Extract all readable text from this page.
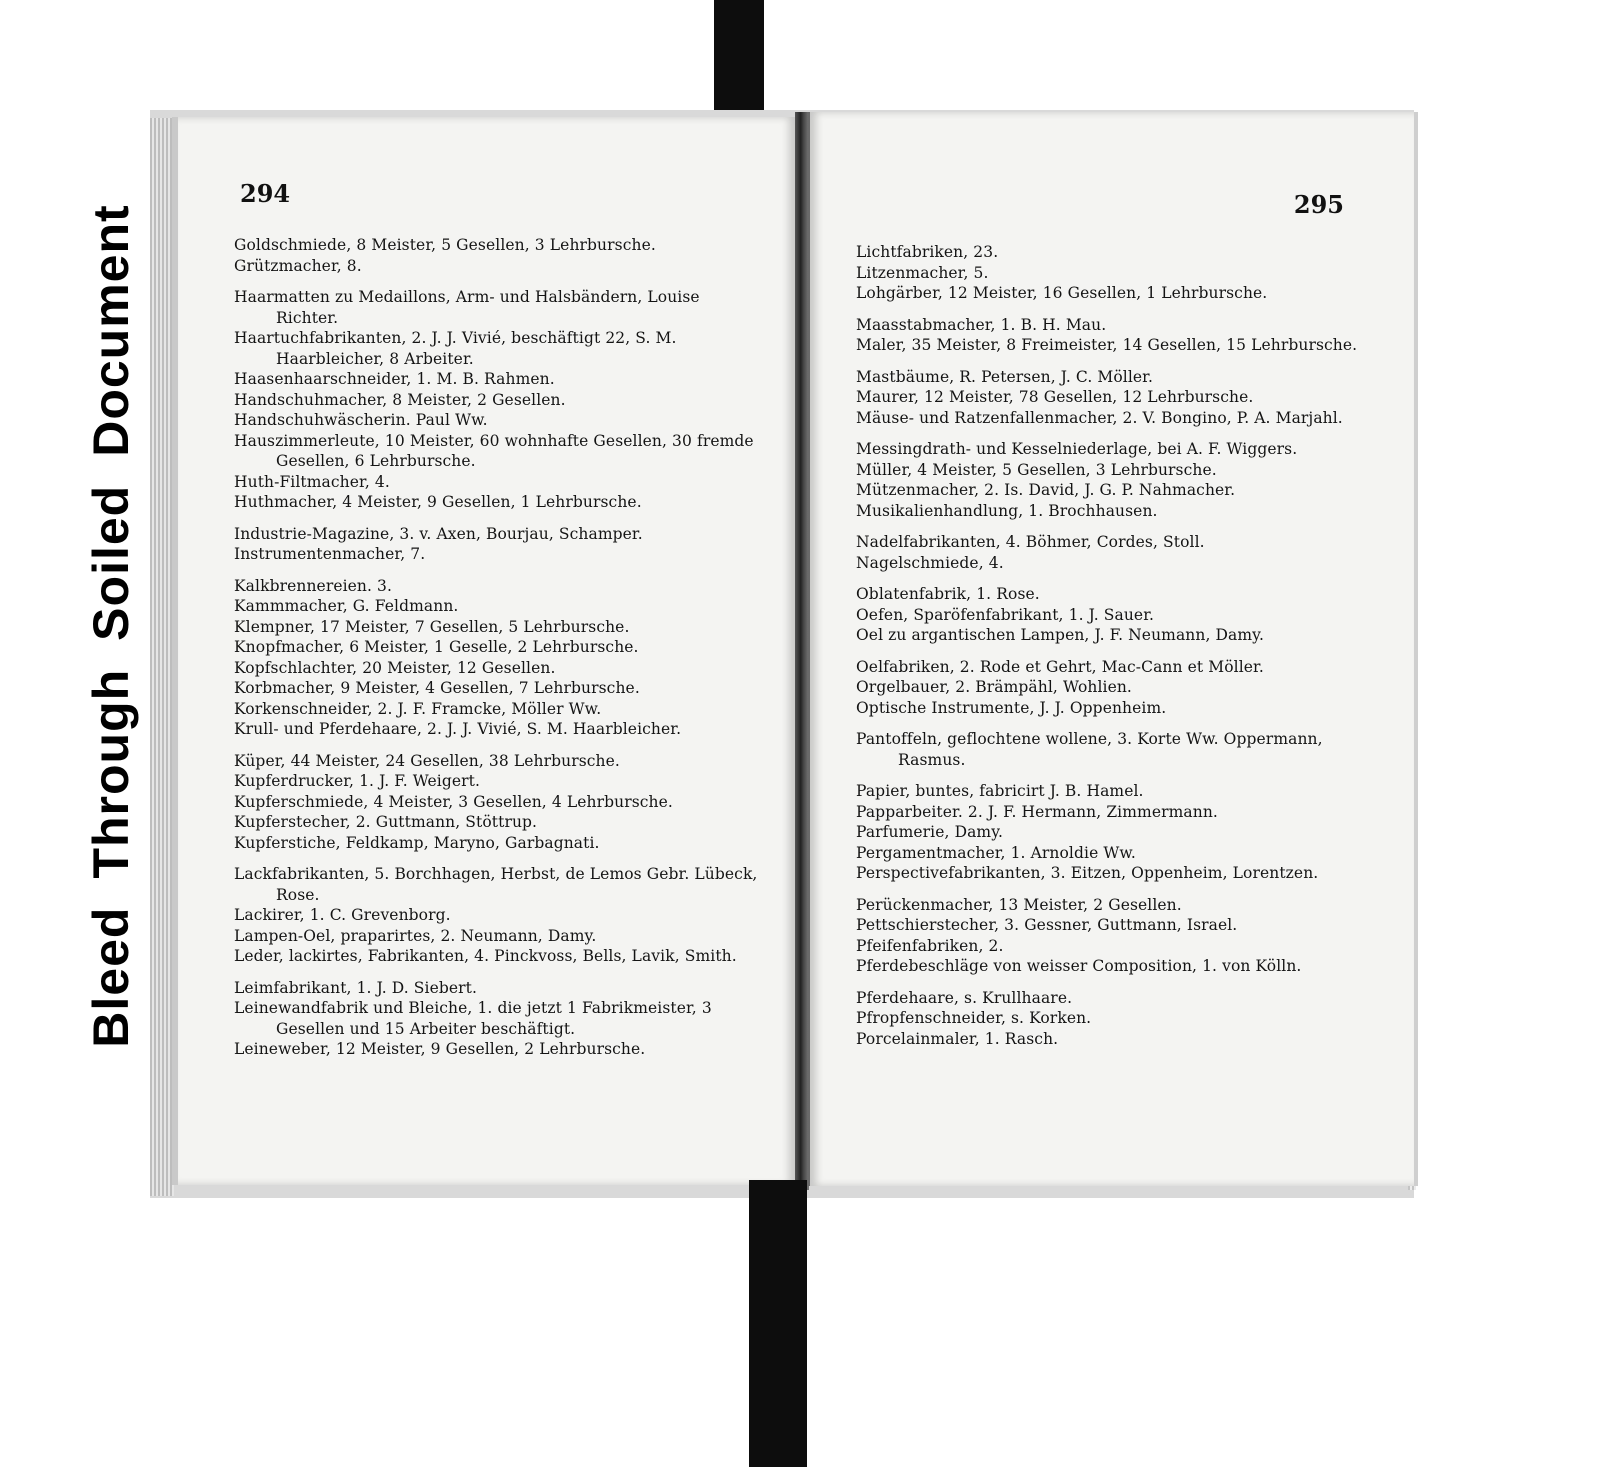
Bleed
Through
Soiled
Document
294

Goldschmiede, 8 Meister, 5 Gesellen, 3 Lehrbursche.

Grützmacher, 8.

Haarmatten zu Medaillons, Arm- und Halsbändern, Louise Richter.

Haartuchfabrikanten, 2. J. J. Vivié, beschäftigt 22, S. M. Haarbleicher, 8 Arbeiter.

Haasenhaarschneider, 1. M. B. Rahmen.

Handschuhmacher, 8 Meister, 2 Gesellen.

Handschuhwäscherin. Paul Ww.

Hauszimmerleute, 10 Meister, 60 wohnhafte Gesellen, 30 fremde Gesellen, 6 Lehrbursche.

Huth-Filtmacher, 4.

Huthmacher, 4 Meister, 9 Gesellen, 1 Lehrbursche.

Industrie-Magazine, 3. v. Axen, Bourjau, Schamper.

Instrumentenmacher, 7.

Kalkbrennereien. 3.

Kammmacher, G. Feldmann.

Klempner, 17 Meister, 7 Gesellen, 5 Lehrbursche.

Knopfmacher, 6 Meister, 1 Geselle, 2 Lehrbursche.

Kopfschlachter, 20 Meister, 12 Gesellen.

Korbmacher, 9 Meister, 4 Gesellen, 7 Lehrbursche.

Korkenschneider, 2. J. F. Framcke, Möller Ww.

Krull- und Pferdehaare, 2. J. J. Vivié, S. M. Haarbleicher.

Küper, 44 Meister, 24 Gesellen, 38 Lehrbursche.

Kupferdrucker, 1. J. F. Weigert.

Kupferschmiede, 4 Meister, 3 Gesellen, 4 Lehrbursche.

Kupferstecher, 2. Guttmann, Stöttrup.

Kupferstiche, Feldkamp, Maryno, Garbagnati.

Lackfabrikanten, 5. Borchhagen, Herbst, de Lemos Gebr. Lübeck, Rose.

Lackirer, 1. C. Grevenborg.

Lampen-Oel, praparirtes, 2. Neumann, Damy.

Leder, lackirtes, Fabrikanten, 4. Pinckvoss, Bells, Lavik, Smith.

Leimfabrikant, 1. J. D. Siebert.

Leinewandfabrik und Bleiche, 1. die jetzt 1 Fabrikmeister, 3 Gesellen und 15 Arbeiter beschäftigt.

Leineweber, 12 Meister, 9 Gesellen, 2 Lehrbursche.

295

Lichtfabriken, 23.

Litzenmacher, 5.

Lohgärber, 12 Meister, 16 Gesellen, 1 Lehrbursche.

Maasstabmacher, 1. B. H. Mau.

Maler, 35 Meister, 8 Freimeister, 14 Gesellen, 15 Lehrbursche.

Mastbäume, R. Petersen, J. C. Möller.

Maurer, 12 Meister, 78 Gesellen, 12 Lehrbursche.

Mäuse- und Ratzenfallenmacher, 2. V. Bongino, P. A. Marjahl.

Messingdrath- und Kesselniederlage, bei A. F. Wiggers.

Müller, 4 Meister, 5 Gesellen, 3 Lehrbursche.

Mützenmacher, 2. Is. David, J. G. P. Nahmacher.

Musikalienhandlung, 1. Brochhausen.

Nadelfabrikanten, 4. Böhmer, Cordes, Stoll.

Nagelschmiede, 4.

Oblatenfabrik, 1. Rose.

Oefen, Sparöfenfabrikant, 1. J. Sauer.

Oel zu argantischen Lampen, J. F. Neumann, Damy.

Oelfabriken, 2. Rode et Gehrt, Mac-Cann et Möller.

Orgelbauer, 2. Brämpähl, Wohlien.

Optische Instrumente, J. J. Oppenheim.

Pantoffeln, geflochtene wollene, 3. Korte Ww. Oppermann, Rasmus.

Papier, buntes, fabricirt J. B. Hamel.

Papparbeiter. 2. J. F. Hermann, Zimmermann.

Parfumerie, Damy.

Pergamentmacher, 1. Arnoldie Ww.

Perspectivefabrikanten, 3. Eitzen, Oppenheim, Lorentzen.

Perückenmacher, 13 Meister, 2 Gesellen.

Pettschierstecher, 3. Gessner, Guttmann, Israel.

Pfeifenfabriken, 2.

Pferdebeschläge von weisser Composition, 1. von Kölln.

Pferdehaare, s. Krullhaare.

Pfropfenschneider, s. Korken.

Porcelainmaler, 1. Rasch.
